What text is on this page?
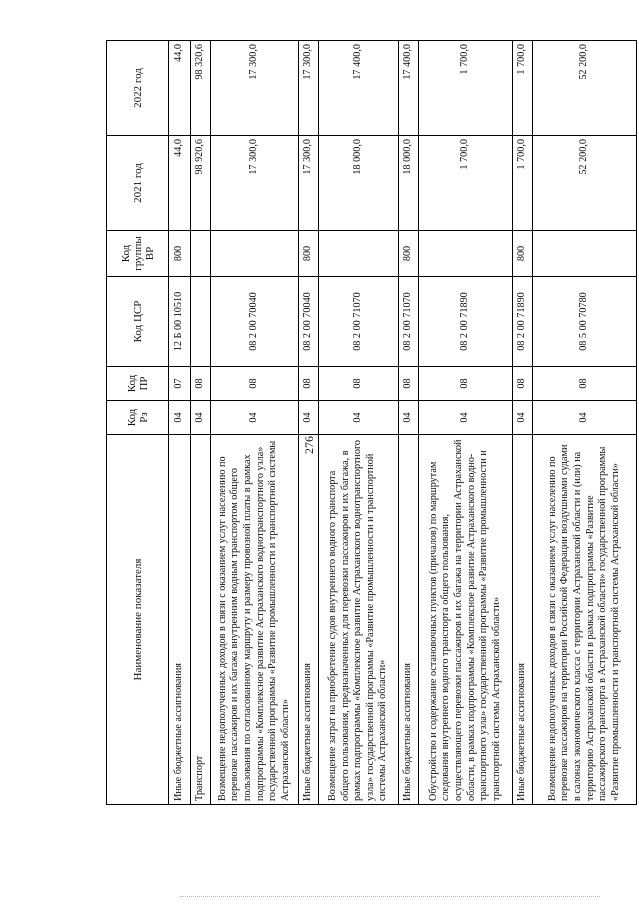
276
Наименование показателя	Код Рз	Код ПР	Код ЦСР	Код группы ВР	2021 год	2022 год
Иные бюджетные ассигнования	04	07	12 Б 00 10510	800	44,0	44,0
Транспорт	04	08			98 920,6	98 320,6
Возмещение недополученных доходов в связи с оказанием услуг населению по перевозке пассажиров и их багажа внутренним водным транспортом общего пользования по согласованному маршруту и размеру провозной платы в рамках подпрограммы «Комплексное развитие Астраханского воднотранспортного узла» государственной программы «Развитие промышленности и транспортной системы Астраханской области»	04	08	08 2 00 70040		17 300,0	17 300,0
Иные бюджетные ассигнования	04	08	08 2 00 70040	800	17 300,0	17 300,0
Возмещение затрат на приобретение судов внутреннего водного транспорта общего пользования, предназначенных для перевозки пассажиров и их багажа, в рамках подпрограммы «Комплексное развитие Астраханского воднотранспортного узла» государственной программы «Развитие промышленности и транспортной системы Астраханской области»	04	08	08 2 00 71070		18 000,0	17 400,0
Иные бюджетные ассигнования	04	08	08 2 00 71070	800	18 000,0	17 400,0
Обустройство и содержание остановочных пунктов (причалов) по маршрутам следования внутреннего водного транспорта общего пользования, осуществляющего перевозки пассажиров и их багажа на территории Астраханской области, в рамках подпрограммы «Комплексное развитие Астраханского воднотранспортного узла» государственной программы «Развитие промышленности и транспортной системы Астраханской области»	04	08	08 2 00 71890		1 700,0	1 700,0
Иные бюджетные ассигнования	04	08	08 2 00 71890	800	1 700,0	1 700,0
Возмещение недополученных доходов в связи с оказанием услуг населению по перевозке пассажиров на территории Российской Федерации воздушными судами в салонах экономического класса с территории Астраханской области и (или) на территорию Астраханской области в рамках подпрограммы «Развитие пассажирского транспорта в Астраханской области» государственной программы «Развитие промышленности и транспортной системы Астраханской области»	04	08	08 5 00 70780		52 200,0	52 200,0
